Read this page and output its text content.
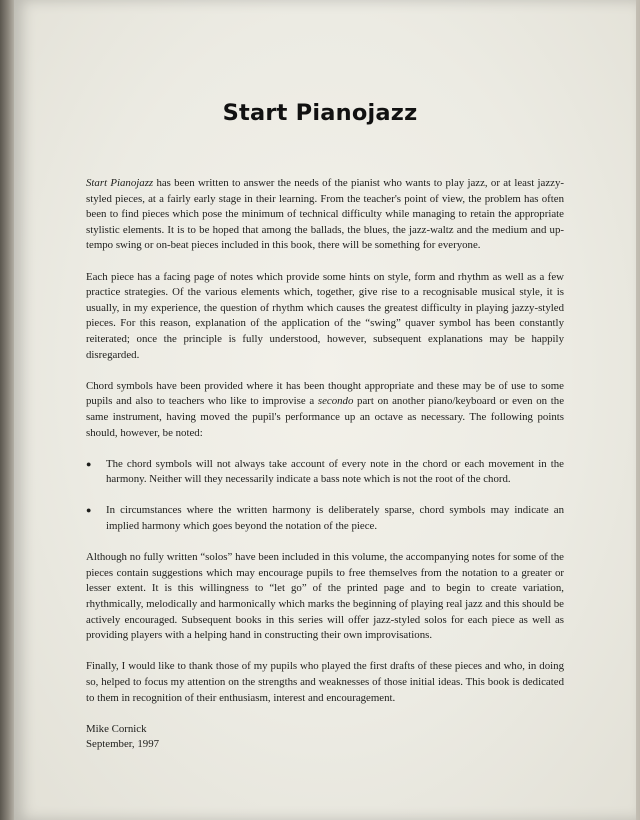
Start Pianojazz

Start Pianojazz has been written to answer the needs of the pianist who wants to play jazz, or at least jazzy-styled pieces, at a fairly early stage in their learning. From the teacher's point of view, the problem has often been to find pieces which pose the minimum of technical difficulty while managing to retain the appropriate stylistic elements. It is to be hoped that among the ballads, the blues, the jazz-waltz and the medium and up-tempo swing or on-beat pieces included in this book, there will be something for everyone.

Each piece has a facing page of notes which provide some hints on style, form and rhythm as well as a few practice strategies. Of the various elements which, together, give rise to a recognisable musical style, it is usually, in my experience, the question of rhythm which causes the greatest difficulty in playing jazzy-styled pieces. For this reason, explanation of the application of the “swing” quaver symbol has been constantly reiterated; once the principle is fully understood, however, subsequent explanations may be happily disregarded.

Chord symbols have been provided where it has been thought appropriate and these may be of use to some pupils and also to teachers who like to improvise a secondo part on another piano/keyboard or even on the same instrument, having moved the pupil's performance up an octave as necessary. The following points should, however, be noted:

●	The chord symbols will not always take account of every note in the chord or each movement in the harmony. Neither will they necessarily indicate a bass note which is not the root of the chord.
●	In circumstances where the written harmony is deliberately sparse, chord symbols may indicate an implied harmony which goes beyond the notation of the piece.

Although no fully written “solos” have been included in this volume, the accompanying notes for some of the pieces contain suggestions which may encourage pupils to free themselves from the notation to a greater or lesser extent. It is this willingness to “let go” of the printed page and to begin to create variation, rhythmically, melodically and harmonically which marks the beginning of playing real jazz and this should be actively encouraged. Subsequent books in this series will offer jazz-styled solos for each piece as well as providing players with a helping hand in constructing their own improvisations.

Finally, I would like to thank those of my pupils who played the first drafts of these pieces and who, in doing so, helped to focus my attention on the strengths and weaknesses of those initial ideas. This book is dedicated to them in recognition of their enthusiasm, interest and encouragement.

Mike Cornick

September, 1997
